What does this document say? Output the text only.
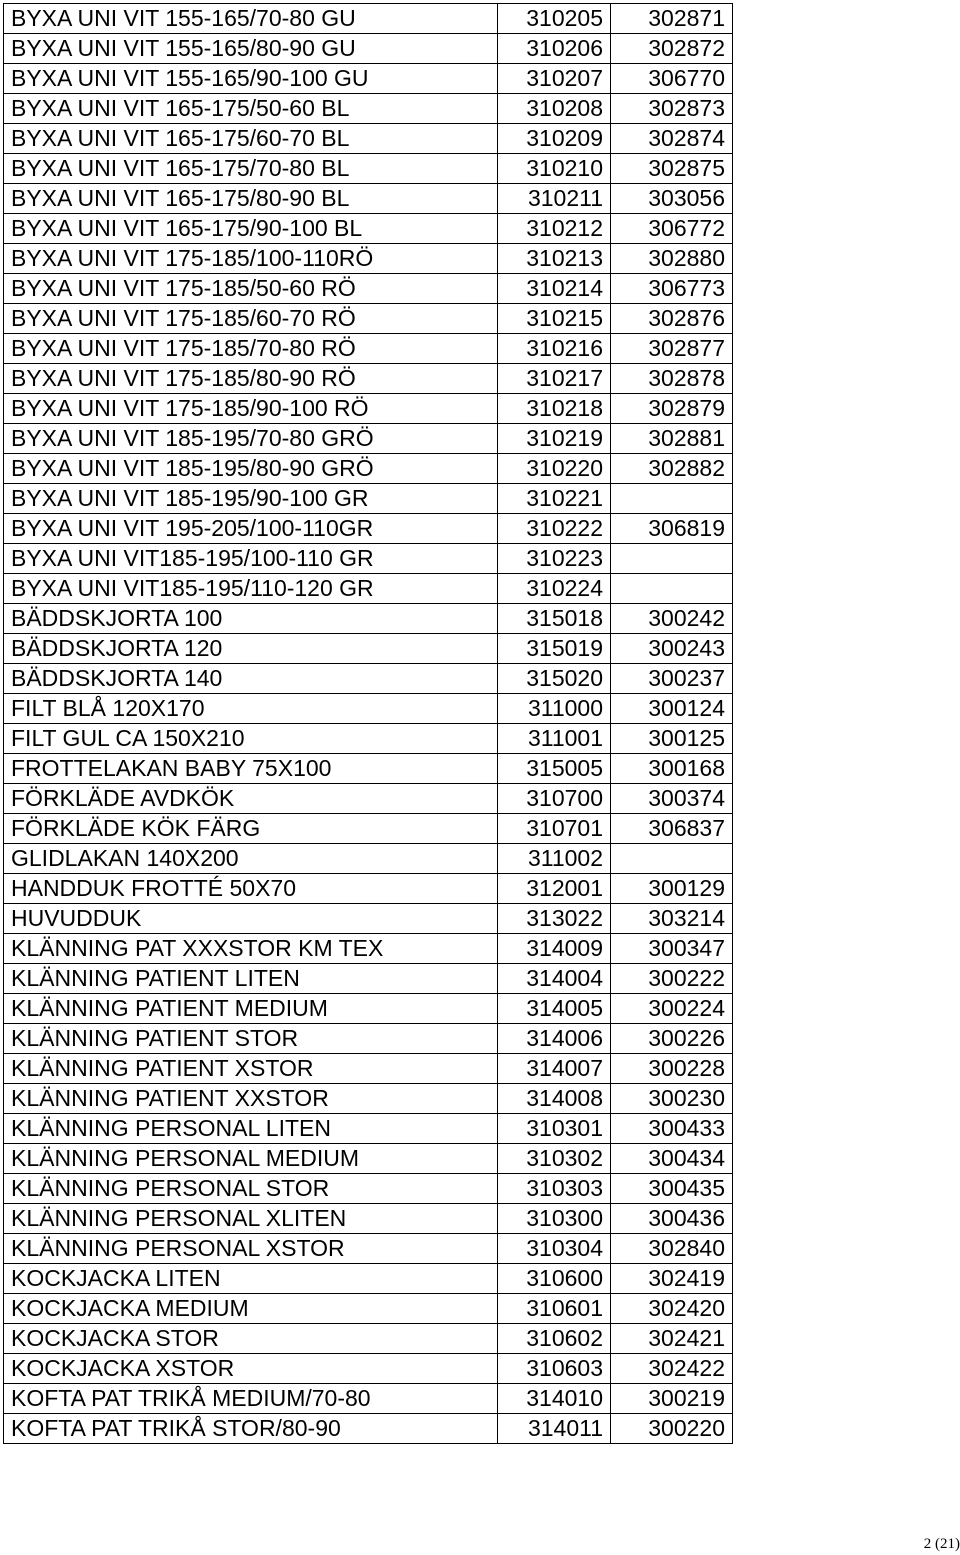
BYXA UNI VIT 155-165/70-80 GU	310205	302871
BYXA UNI VIT 155-165/80-90 GU	310206	302872
BYXA UNI VIT 155-165/90-100 GU	310207	306770
BYXA UNI VIT 165-175/50-60 BL	310208	302873
BYXA UNI VIT 165-175/60-70 BL	310209	302874
BYXA UNI VIT 165-175/70-80 BL	310210	302875
BYXA UNI VIT 165-175/80-90 BL	310211	303056
BYXA UNI VIT 165-175/90-100 BL	310212	306772
BYXA UNI VIT 175-185/100-110RÖ	310213	302880
BYXA UNI VIT 175-185/50-60 RÖ	310214	306773
BYXA UNI VIT 175-185/60-70 RÖ	310215	302876
BYXA UNI VIT 175-185/70-80 RÖ	310216	302877
BYXA UNI VIT 175-185/80-90 RÖ	310217	302878
BYXA UNI VIT 175-185/90-100 RÖ	310218	302879
BYXA UNI VIT 185-195/70-80 GRÖ	310219	302881
BYXA UNI VIT 185-195/80-90 GRÖ	310220	302882
BYXA UNI VIT 185-195/90-100 GR	310221	
BYXA UNI VIT 195-205/100-110GR	310222	306819
BYXA UNI VIT185-195/100-110 GR	310223	
BYXA UNI VIT185-195/110-120 GR	310224	
BÄDDSKJORTA 100	315018	300242
BÄDDSKJORTA 120	315019	300243
BÄDDSKJORTA 140	315020	300237
FILT BLÅ 120X170	311000	300124
FILT GUL CA 150X210	311001	300125
FROTTELAKAN BABY 75X100	315005	300168
FÖRKLÄDE AVDKÖK	310700	300374
FÖRKLÄDE KÖK FÄRG	310701	306837
GLIDLAKAN 140X200	311002	
HANDDUK FROTTÉ 50X70	312001	300129
HUVUDDUK	313022	303214
KLÄNNING PAT XXXSTOR KM TEX	314009	300347
KLÄNNING PATIENT LITEN	314004	300222
KLÄNNING PATIENT MEDIUM	314005	300224
KLÄNNING PATIENT STOR	314006	300226
KLÄNNING PATIENT XSTOR	314007	300228
KLÄNNING PATIENT XXSTOR	314008	300230
KLÄNNING PERSONAL LITEN	310301	300433
KLÄNNING PERSONAL MEDIUM	310302	300434
KLÄNNING PERSONAL STOR	310303	300435
KLÄNNING PERSONAL XLITEN	310300	300436
KLÄNNING PERSONAL XSTOR	310304	302840
KOCKJACKA LITEN	310600	302419
KOCKJACKA MEDIUM	310601	302420
KOCKJACKA STOR	310602	302421
KOCKJACKA XSTOR	310603	302422
KOFTA PAT TRIKÅ MEDIUM/70-80	314010	300219
KOFTA PAT TRIKÅ STOR/80-90	314011	300220
2 (21)
